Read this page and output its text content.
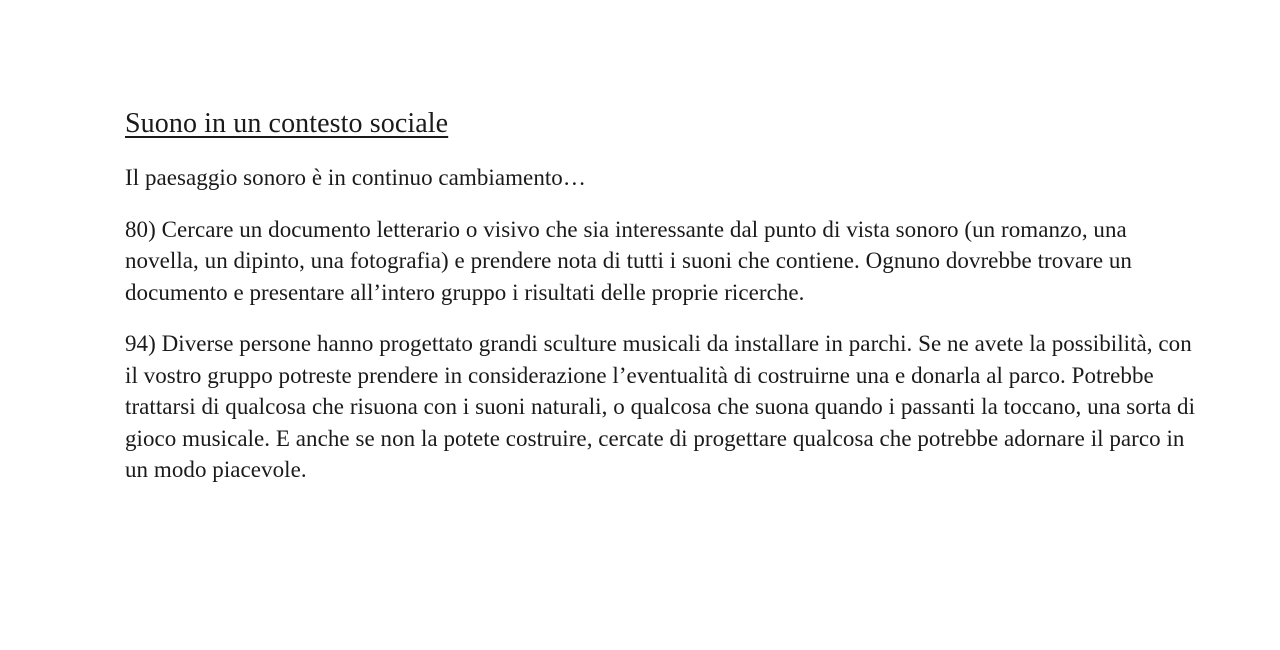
Suono in un contesto sociale

Il paesaggio sonoro è in continuo cambiamento…

80) Cercare un documento letterario o visivo che sia interessante dal punto di vista sonoro (un romanzo, una novella, un dipinto, una fotografia) e prendere nota di tutti i suoni che contiene. Ognuno dovrebbe trovare un documento e presentare all’intero gruppo i risultati delle proprie ricerche.

94) Diverse persone hanno progettato grandi sculture musicali da installare in parchi. Se ne avete la possibilità, con il vostro gruppo potreste prendere in considerazione l’eventualità di costruirne una e donarla al parco. Potrebbe trattarsi di qualcosa che risuona con i suoni naturali, o qualcosa che suona quando i passanti la toccano, una sorta di gioco musicale. E anche se non la potete costruire, cercate di progettare qualcosa che potrebbe adornare il parco in un modo piacevole.
